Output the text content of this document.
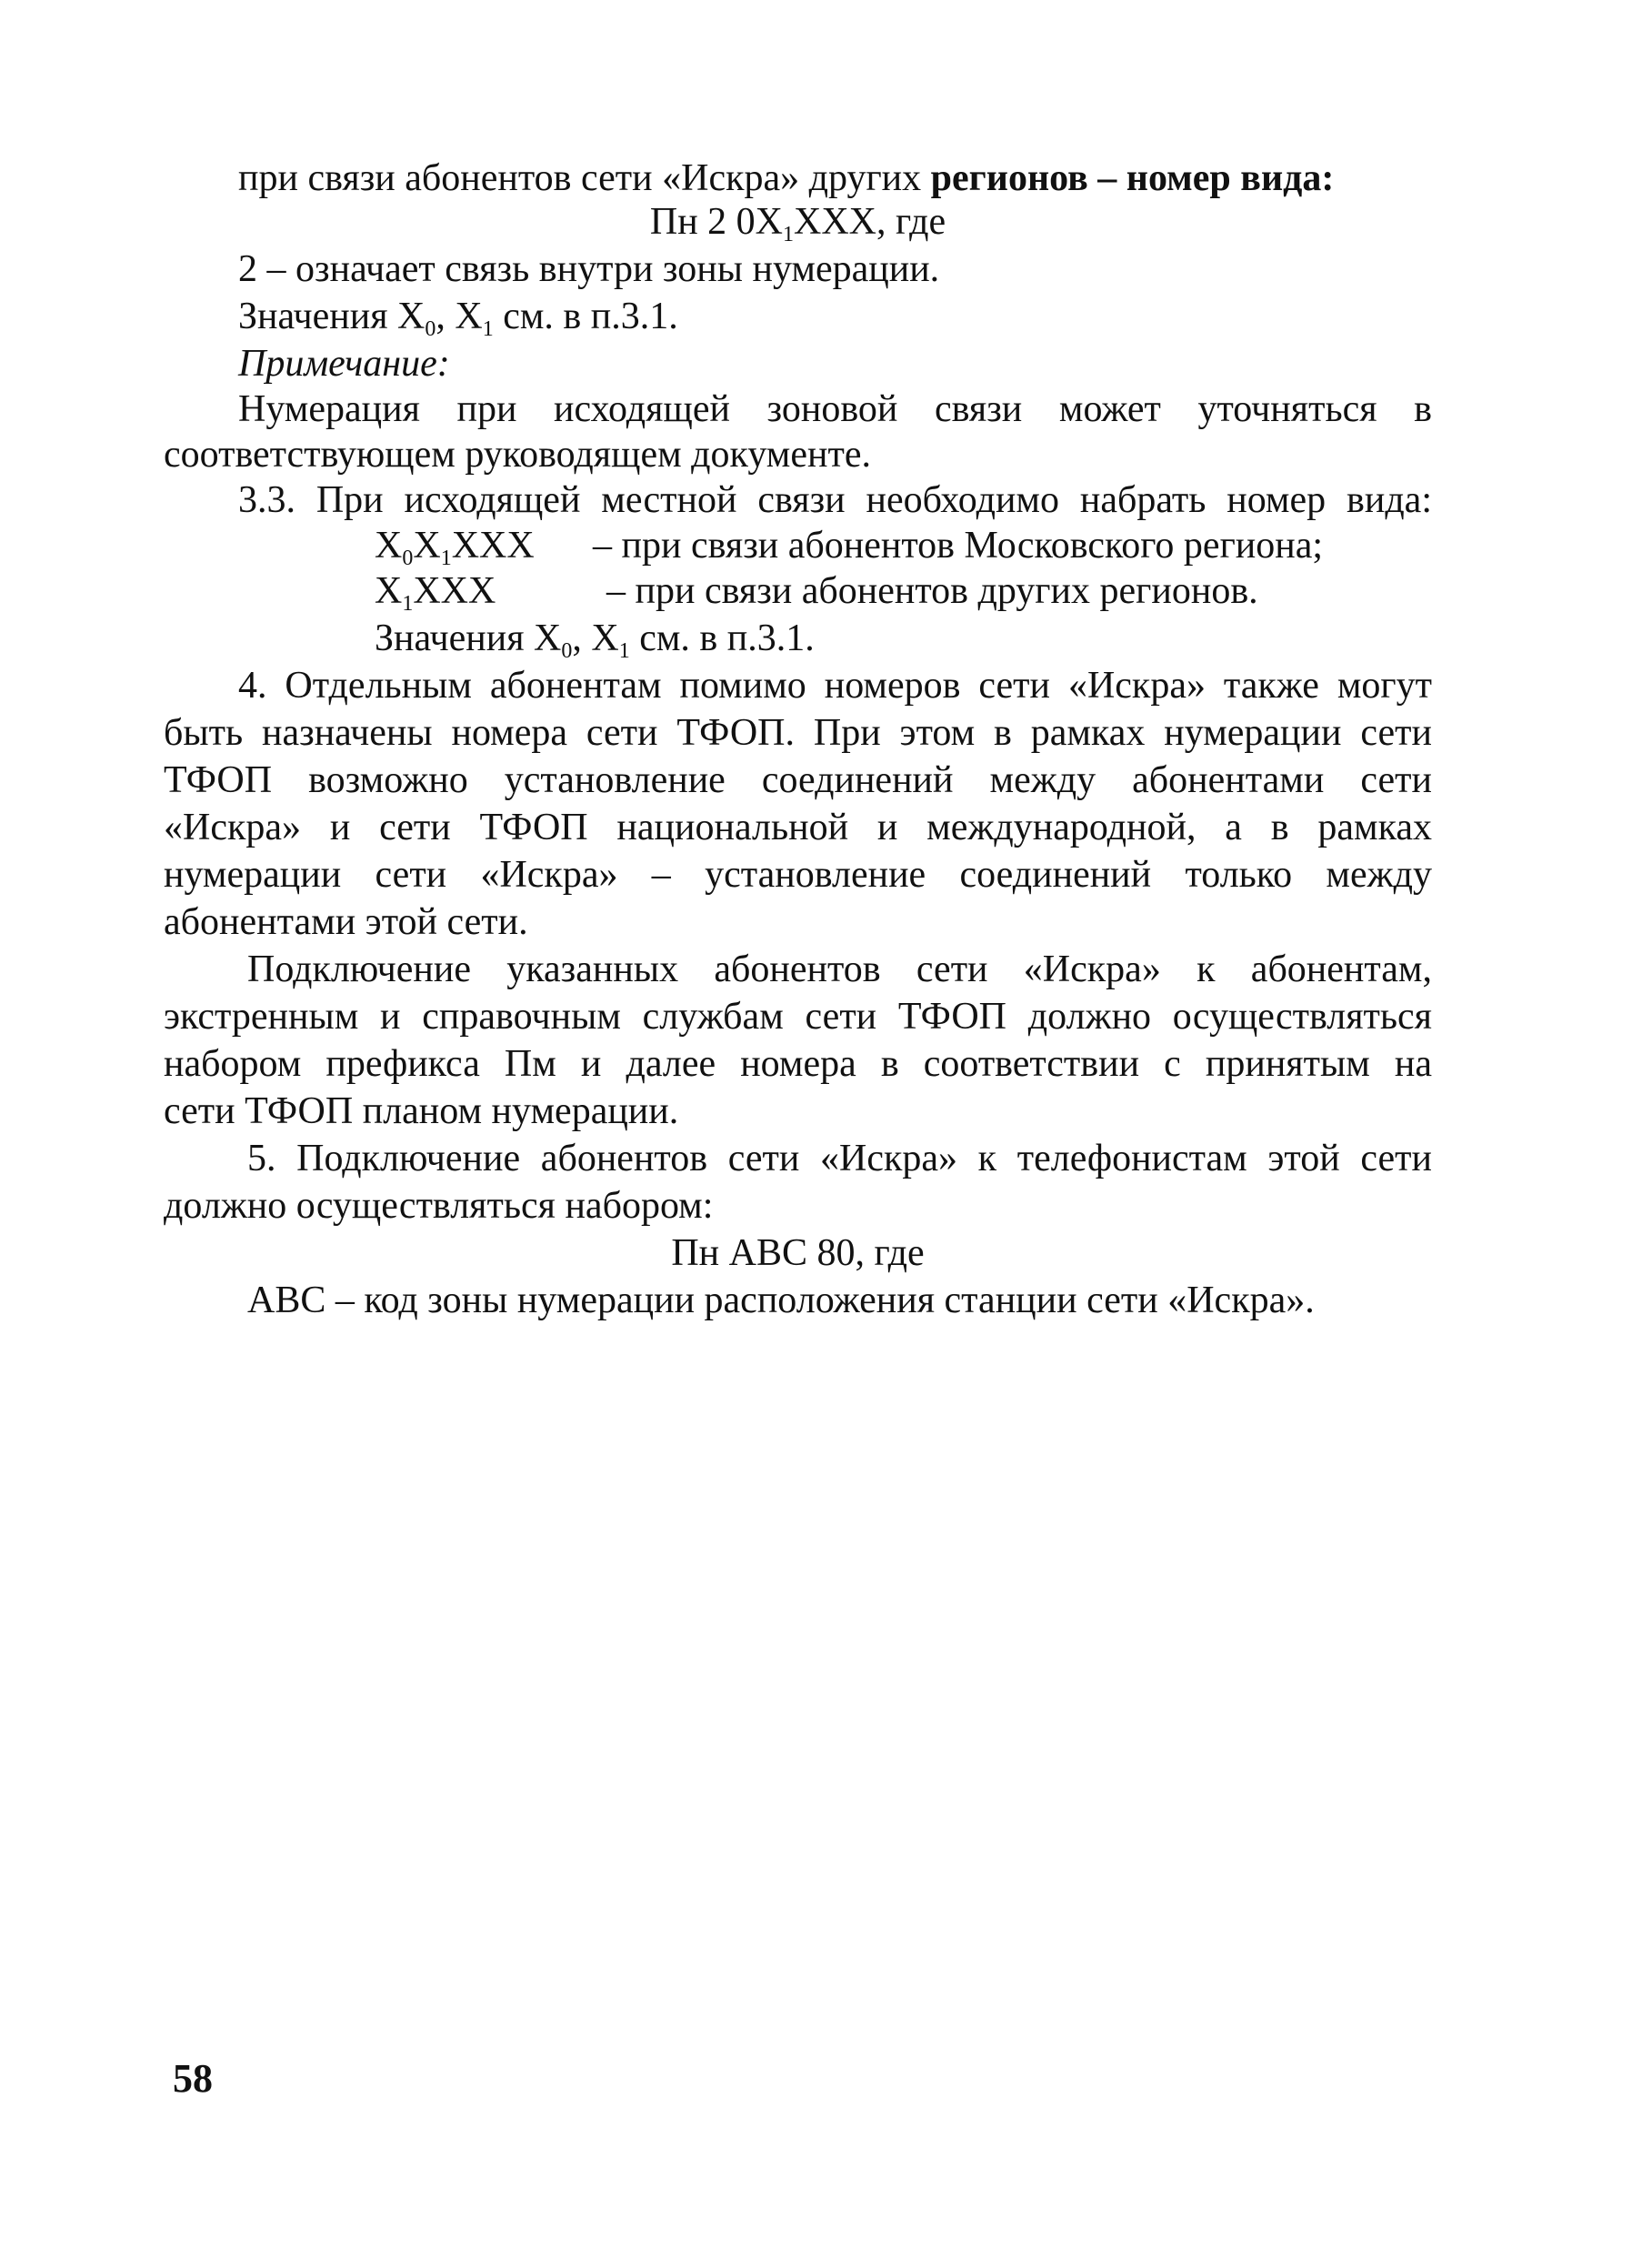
при связи абонентов сети «Искра» других регионов – номер вида:
Пн 2 $0Х_1ХХХ$, где
2 – означает связь внутри зоны нумерации.
Значения $Х_0$, $Х_1$ см. в п.3.1.
Примечание:
Нумерация при исходящей зоновой связи может уточняться в
соответствующем руководящем документе.
3.3. При исходящей местной связи необходимо набрать номер вида:
$Х_0Х_1ХХХ$ – при связи абонентов Московского региона;
$Х_1ХХХ$	– при связи абонентов других регионов.
Значения $Х_0$, $Х_1$ см. в п.3.1.
4. Отдельным абонентам помимо номеров сети «Искра» также могут
быть назначены номера сети ТФОП. При этом в рамках нумерации сети
ТФОП возможно установление соединений между абонентами сети
«Искра» и сети ТФОП национальной и международной, а в рамках
нумерации сети «Искра» – установление соединений только между
абонентами этой сети.
Подключение указанных абонентов сети «Искра» к абонентам,
экстренным и справочным службам сети ТФОП должно осуществляться
набором префикса Пм и далее номера в соответствии с принятым на
сети ТФОП планом нумерации.
5. Подключение абонентов сети «Искра» к телефонистам этой сети
должно осуществляться набором:
Пн АВС 80, где
АВС – код зоны нумерации расположения станции сети «Искра».
58
